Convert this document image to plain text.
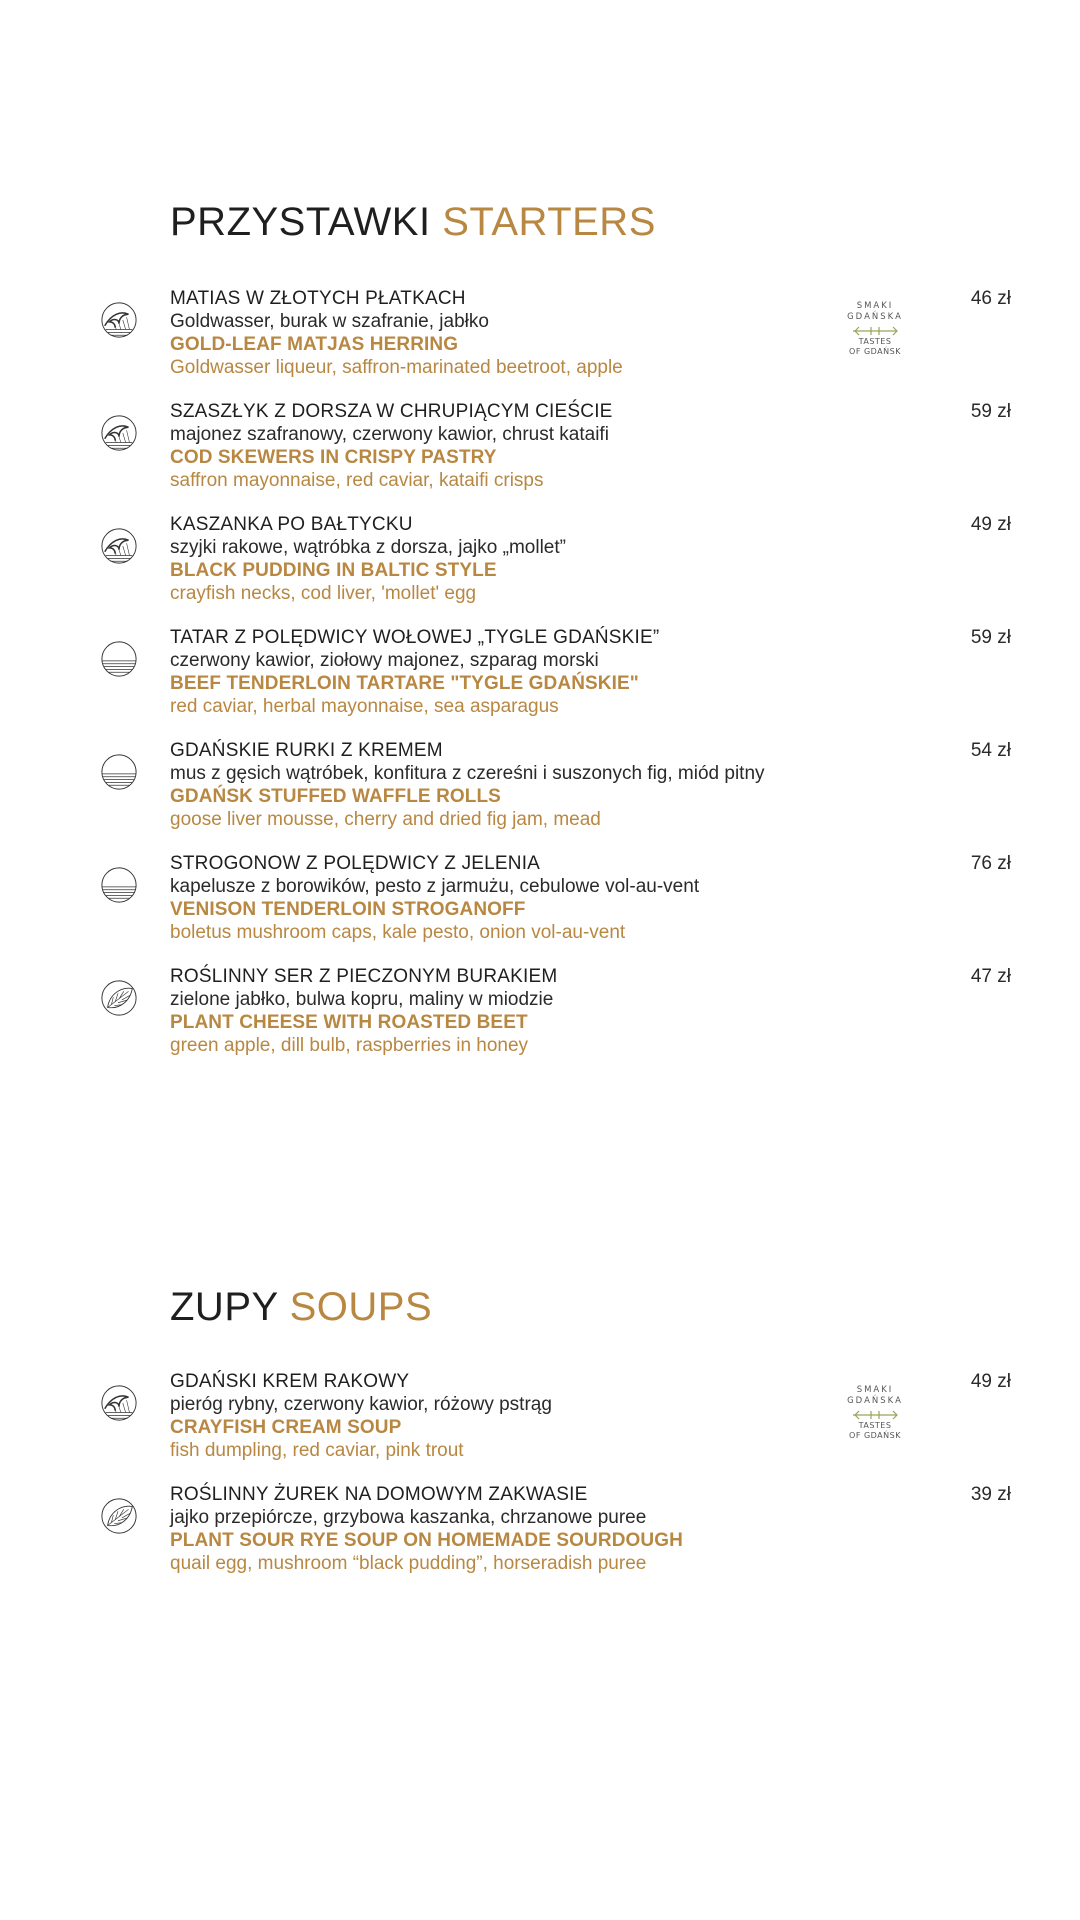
PRZYSTAWKI STARTERS
SMAKI
GDAŃSKA
TASTES
OF GDAŃSK
MATIAS W ZŁOTYCH PŁATKACH
Goldwasser, burak w szafranie, jabłko
GOLD-LEAF MATJAS HERRING
Goldwasser liqueur, saffron-marinated beetroot, apple
46 zł
SZASZŁYK Z DORSZA W CHRUPIĄCYM CIEŚCIE
majonez szafranowy, czerwony kawior, chrust kataifi
COD SKEWERS IN CRISPY PASTRY
saffron mayonnaise, red caviar, kataifi crisps
59 zł
KASZANKA PO BAŁTYCKU
szyjki rakowe, wątróbka z dorsza, jajko „mollet”
BLACK PUDDING IN BALTIC STYLE
crayfish necks, cod liver, 'mollet' egg
49 zł
TATAR Z POLĘDWICY WOŁOWEJ „TYGLE GDAŃSKIE”
czerwony kawior, ziołowy majonez, szparag morski
BEEF TENDERLOIN TARTARE "TYGLE GDAŃSKIE"
red caviar, herbal mayonnaise, sea asparagus
59 zł
GDAŃSKIE RURKI Z KREMEM
mus z gęsich wątróbek, konfitura z czereśni i suszonych fig, miód pitny
GDAŃSK STUFFED WAFFLE ROLLS
goose liver mousse, cherry and dried fig jam, mead
54 zł
STROGONOW Z POLĘDWICY Z JELENIA
kapelusze z borowików, pesto z jarmużu, cebulowe vol-au-vent
VENISON TENDERLOIN STROGANOFF
boletus mushroom caps, kale pesto, onion vol-au-vent
76 zł
ROŚLINNY SER Z PIECZONYM BURAKIEM
zielone jabłko, bulwa kopru, maliny w miodzie
PLANT CHEESE WITH ROASTED BEET
green apple, dill bulb, raspberries in honey
47 zł
ZUPY SOUPS
SMAKI
GDAŃSKA
TASTES
OF GDAŃSK
GDAŃSKI KREM RAKOWY
pieróg rybny, czerwony kawior, różowy pstrąg
CRAYFISH CREAM SOUP
fish dumpling, red caviar, pink trout
49 zł
ROŚLINNY ŻUREK NA DOMOWYM ZAKWASIE
jajko przepiórcze, grzybowa kaszanka, chrzanowe puree
PLANT SOUR RYE SOUP ON HOMEMADE SOURDOUGH
quail egg, mushroom “black pudding”, horseradish puree
39 zł
